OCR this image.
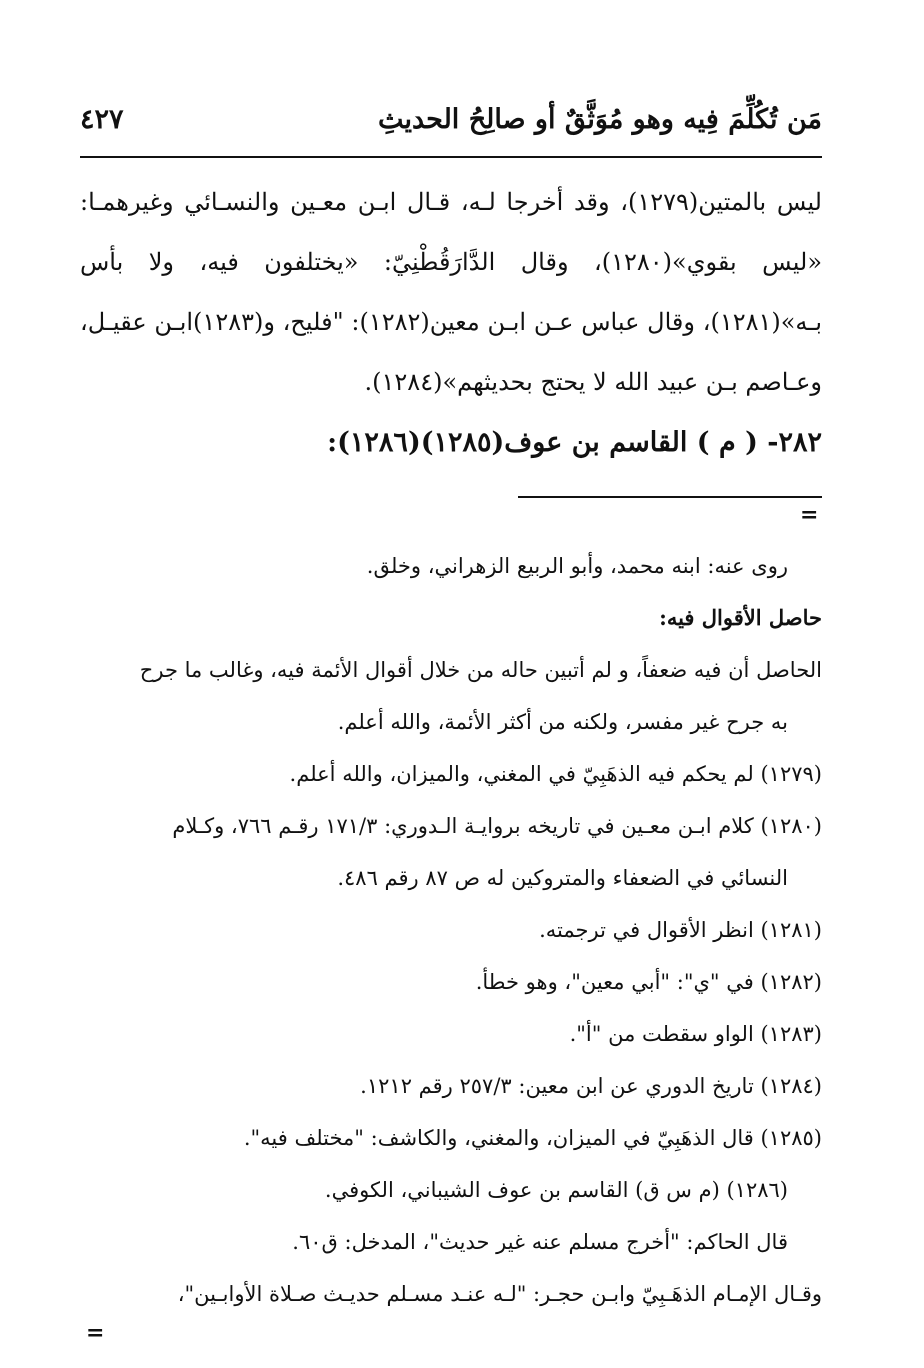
مَن تُكُلِّمَ فِيه وهو مُوَثَّقٌ أو صالِحُ الحديثِ
٤٢٧

ليس بالمتين(١٢٧٩)، وقد أخرجا لـه، قـال ابـن معـين والنسـائي وغيرهمـا: «ليس بقوي»(١٢٨٠)، وقال الدَّارَقُطْنِيّ: «يختلفون فيه، ولا بأس بـه»(١٢٨١)، وقال عباس عـن ابـن معين(١٢٨٢): "فليح، و(١٢٨٣)ابـن عقيـل، وعـاصم بـن عبيد الله لا يحتج بحديثهم»(١٢٨٤).

٢٨٢- ( م ) القاسم بن عوف(١٢٨٥)(١٢٨٦):
=

روى عنه: ابنه محمد، وأبو الربيع الزهراني، وخلق.

حاصل الأقوال فيه:

الحاصل أن فيه ضعفاً، و لم أتبين حاله من خلال أقوال الأئمة فيه، وغالب ما جرح

به جرح غير مفسر، ولكنه من أكثر الأئمة، والله أعلم.

(١٢٧٩) لم يحكم فيه الذهَبِيّ في المغني، والميزان، والله أعلم.

(١٢٨٠) كلام ابـن معـين في تاريخه بروايـة الـدوري: ١٧١/٣ رقـم ٧٦٦، وكـلام

النسائي في الضعفاء والمتروكين له ص ٨٧ رقم ٤٨٦.

(١٢٨١) انظر الأقوال في ترجمته.

(١٢٨٢) في "ي": "أبي معين"، وهو خطأ.

(١٢٨٣) الواو سقطت من "أ".

(١٢٨٤) تاريخ الدوري عن ابن معين: ٢٥٧/٣ رقم ١٢١٢.

(١٢٨٥) قال الذهَبِيّ في الميزان، والمغني، والكاشف: "مختلف فيه".

(١٢٨٦) (م س ق) القاسم بن عوف الشيباني، الكوفي.

قال الحاكم: "أخرج مسلم عنه غير حديث"، المدخل: ق٦٠.

وقـال الإمـام الذهَـبِيّ وابـن حجـر: "لـه عنـد مسـلم حديـث صـلاة الأوابـين"،

=
